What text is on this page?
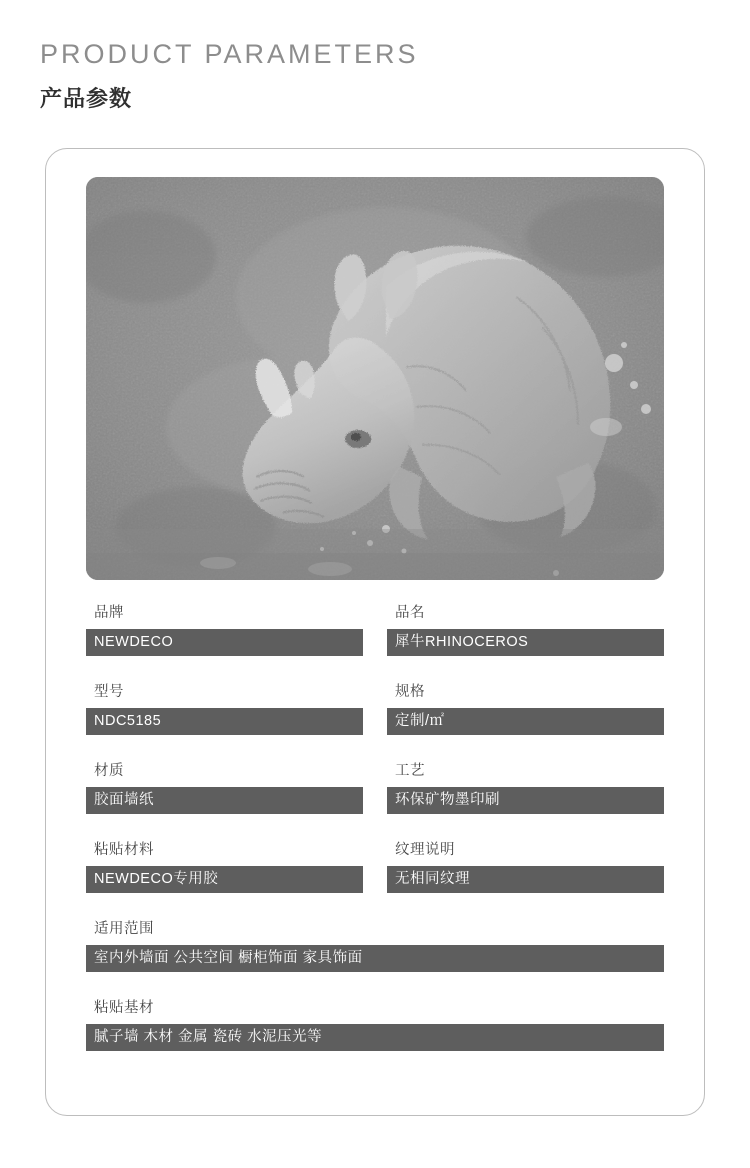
PRODUCT PARAMETERS
产品参数
品牌
NEWDECO
品名
犀牛RHINOCEROS
型号
NDC5185
规格
定制/㎡
材质
胶面墙纸
工艺
环保矿物墨印刷
粘贴材料
NEWDECO专用胶
纹理说明
无相同纹理
适用范围
室内外墙面 公共空间 橱柜饰面 家具饰面
粘贴基材
腻子墙 木材 金属 瓷砖 水泥压光等
